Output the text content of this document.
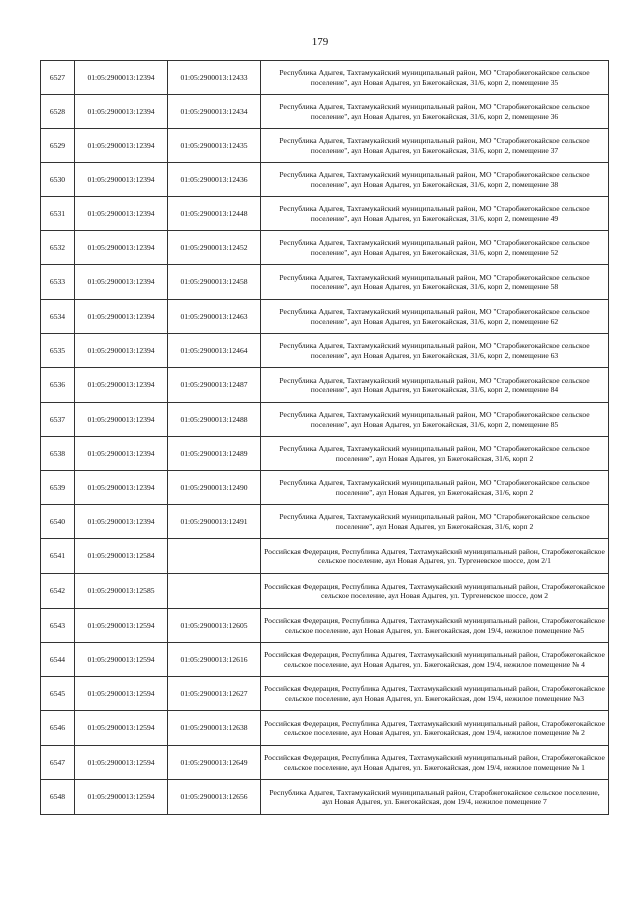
179
6527	01:05:2900013:12394	01:05:2900013:12433	Республика Адыгея, Тахтамукайский муниципальный район, МО "Старобжегокайское сельское поселение", аул Новая Адыгея, ул Бжегокайская, 31/6, корп 2, помещение 35
6528	01:05:2900013:12394	01:05:2900013:12434	Республика Адыгея, Тахтамукайский муниципальный район, МО "Старобжегокайское сельское поселение", аул Новая Адыгея, ул Бжегокайская, 31/6, корп 2, помещение 36
6529	01:05:2900013:12394	01:05:2900013:12435	Республика Адыгея, Тахтамукайский муниципальный район, МО "Старобжегокайское сельское поселение", аул Новая Адыгея, ул Бжегокайская, 31/6, корп 2, помещение 37
6530	01:05:2900013:12394	01:05:2900013:12436	Республика Адыгея, Тахтамукайский муниципальный район, МО "Старобжегокайское сельское поселение", аул Новая Адыгея, ул Бжегокайская, 31/6, корп 2, помещение 38
6531	01:05:2900013:12394	01:05:2900013:12448	Республика Адыгея, Тахтамукайский муниципальный район, МО "Старобжегокайское сельское поселение", аул Новая Адыгея, ул Бжегокайская, 31/6, корп 2, помещение 49
6532	01:05:2900013:12394	01:05:2900013:12452	Республика Адыгея, Тахтамукайский муниципальный район, МО "Старобжегокайское сельское поселение", аул Новая Адыгея, ул Бжегокайская, 31/6, корп 2, помещение 52
6533	01:05:2900013:12394	01:05:2900013:12458	Республика Адыгея, Тахтамукайский муниципальный район, МО "Старобжегокайское сельское поселение", аул Новая Адыгея, ул Бжегокайская, 31/6, корп 2, помещение 58
6534	01:05:2900013:12394	01:05:2900013:12463	Республика Адыгея, Тахтамукайский муниципальный район, МО "Старобжегокайское сельское поселение", аул Новая Адыгея, ул Бжегокайская, 31/6, корп 2, помещение 62
6535	01:05:2900013:12394	01:05:2900013:12464	Республика Адыгея, Тахтамукайский муниципальный район, МО "Старобжегокайское сельское поселение", аул Новая Адыгея, ул Бжегокайская, 31/6, корп 2, помещение 63
6536	01:05:2900013:12394	01:05:2900013:12487	Республика Адыгея, Тахтамукайский муниципальный район, МО "Старобжегокайское сельское поселение", аул Новая Адыгея, ул Бжегокайская, 31/6, корп 2, помещение 84
6537	01:05:2900013:12394	01:05:2900013:12488	Республика Адыгея, Тахтамукайский муниципальный район, МО "Старобжегокайское сельское поселение", аул Новая Адыгея, ул Бжегокайская, 31/6, корп 2, помещение 85
6538	01:05:2900013:12394	01:05:2900013:12489	Республика Адыгея, Тахтамукайский муниципальный район, МО "Старобжегокайское сельское поселение", аул Новая Адыгея, ул Бжегокайская, 31/6, корп 2
6539	01:05:2900013:12394	01:05:2900013:12490	Республика Адыгея, Тахтамукайский муниципальный район, МО "Старобжегокайское сельское поселение", аул Новая Адыгея, ул Бжегокайская, 31/6, корп 2
6540	01:05:2900013:12394	01:05:2900013:12491	Республика Адыгея, Тахтамукайский муниципальный район, МО "Старобжегокайское сельское поселение", аул Новая Адыгея, ул Бжегокайская, 31/6, корп 2
6541	01:05:2900013:12584		Российская Федерация, Республика Адыгея, Тахтамукайский муниципальный район, Старобжегокайское сельское поселение, аул Новая Адыгея, ул. Тургеневское шоссе, дом 2/1
6542	01:05:2900013:12585		Российская Федерация, Республика Адыгея, Тахтамукайский муниципальный район, Старобжегокайское сельское поселение, аул Новая Адыгея, ул. Тургеневское шоссе, дом 2
6543	01:05:2900013:12594	01:05:2900013:12605	Российская Федерация, Республика Адыгея, Тахтамукайский муниципальный район, Старобжегокайское сельское поселение, аул Новая Адыгея, ул. Бжегокайская, дом 19/4, нежилое помещение №5
6544	01:05:2900013:12594	01:05:2900013:12616	Российская Федерация, Республика Адыгея, Тахтамукайский муниципальный район, Старобжегокайское сельское поселение, аул Новая Адыгея, ул. Бжегокайская, дом 19/4, нежилое помещение № 4
6545	01:05:2900013:12594	01:05:2900013:12627	Российская Федерация, Республика Адыгея, Тахтамукайский муниципальный район, Старобжегокайское сельское поселение, аул Новая Адыгея, ул. Бжегокайская, дом 19/4, нежилое помещение №3
6546	01:05:2900013:12594	01:05:2900013:12638	Российская Федерация, Республика Адыгея, Тахтамукайский муниципальный район, Старобжегокайское сельское поселение, аул Новая Адыгея, ул. Бжегокайская, дом 19/4, нежилое помещение № 2
6547	01:05:2900013:12594	01:05:2900013:12649	Российская Федерация, Республика Адыгея, Тахтамукайский муниципальный район, Старобжегокайское сельское поселение, аул Новая Адыгея, ул. Бжегокайская, дом 19/4, нежилое помещение № 1
6548	01:05:2900013:12594	01:05:2900013:12656	Республика Адыгея, Тахтамукайский муниципальный район, Старобжегокайское сельское поселение, аул Новая Адыгея, ул. Бжегокайская, дом 19/4, нежилое помещение 7
